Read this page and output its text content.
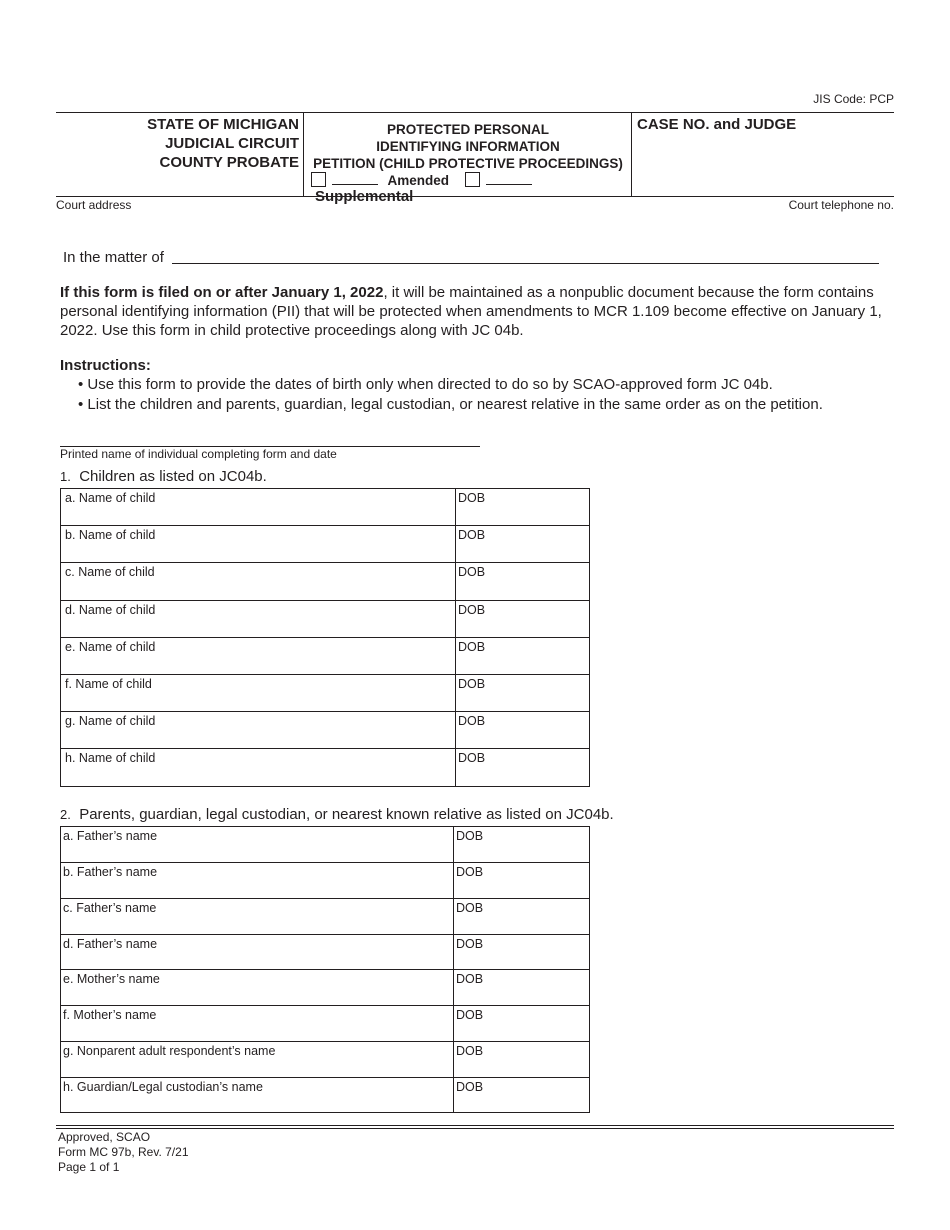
JIS Code: PCP
STATE OF MICHIGAN
JUDICIAL CIRCUIT
COUNTY PROBATE
PROTECTED PERSONAL
IDENTIFYING INFORMATION
PETITION (CHILD PROTECTIVE PROCEEDINGS)
Amended   Supplemental
CASE NO. and JUDGE
Court address	Court telephone no.
In the matter of
If this form is filed on or after January 1, 2022, it will be maintained as a nonpublic document because the form contains personal identifying information (PII) that will be protected when amendments to MCR 1.109 become effective on January 1, 2022. Use this form in child protective proceedings along with JC 04b.
Instructions:
• Use this form to provide the dates of birth only when directed to do so by SCAO-approved form JC 04b.
• List the children and parents, guardian, legal custodian, or nearest relative in the same order as on the petition.
Printed name of individual completing form and date
1. Children as listed on JC04b.
a. Name of child	DOB
b. Name of child	DOB
c. Name of child	DOB
d. Name of child	DOB
e. Name of child	DOB
f. Name of child	DOB
g. Name of child	DOB
h. Name of child	DOB
2. Parents, guardian, legal custodian, or nearest known relative as listed on JC04b.
a. Father’s name	DOB
b. Father’s name	DOB
c. Father’s name	DOB
d. Father’s name	DOB
e. Mother’s name	DOB
f. Mother’s name	DOB
g. Nonparent adult respondent’s name	DOB
h. Guardian/Legal custodian’s name	DOB
Approved, SCAO
Form MC 97b, Rev. 7/21
Page 1 of 1
